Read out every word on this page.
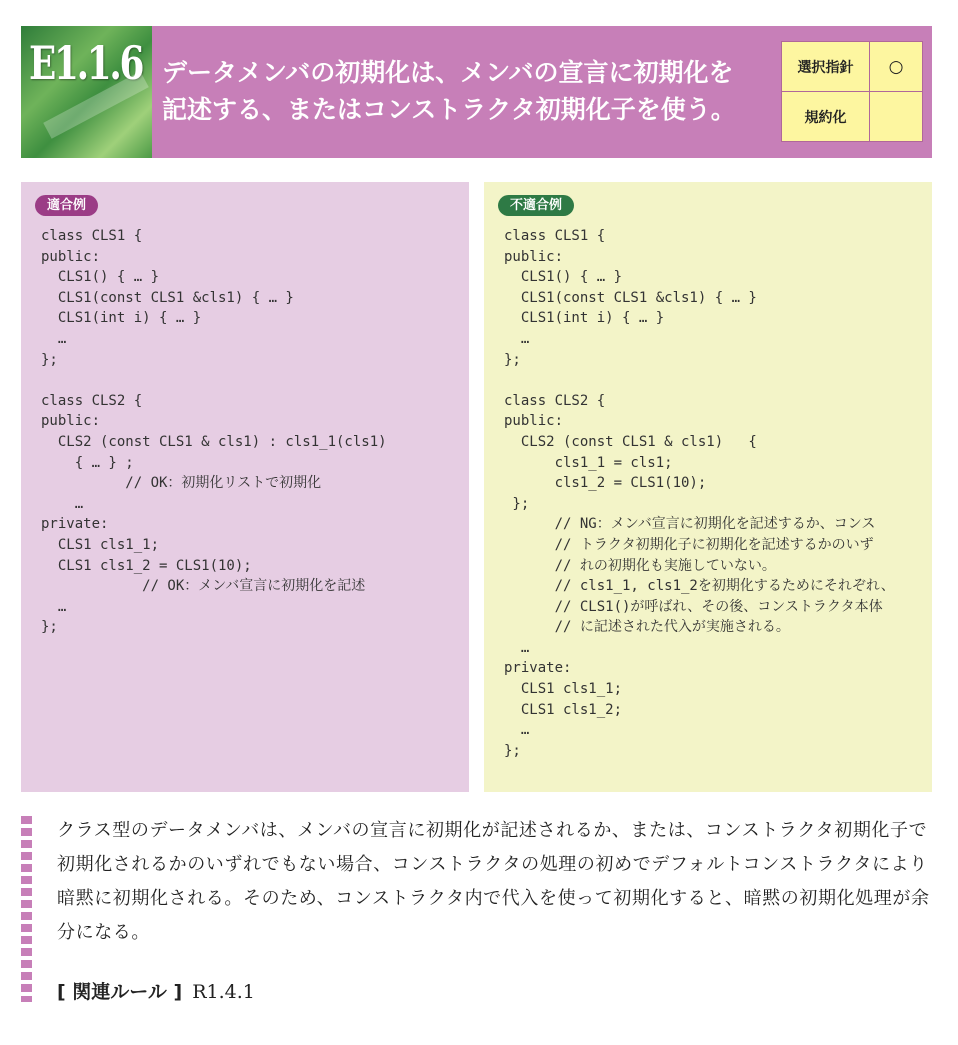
E1.1.6 データメンバの初期化は、メンバの宣言に初期化を
記述する、またはコンストラクタ初期化子を使う。
選択指針	○
規約化	
適合例
class CLS1 {
public:
CLS1() { … }
CLS1(const CLS1 &cls1) { … }
CLS1(int i) { … }
…
};

class CLS2 {
public:
CLS2 (const CLS1 & cls1) : cls1_1(cls1)
{ … } ;
// OK：初期化リストで初期化
…
private:
CLS1 cls1_1;
CLS1 cls1_2 = CLS1(10);
// OK：メンバ宣言に初期化を記述
…
};
不適合例
class CLS1 {
public:
CLS1() { … }
CLS1(const CLS1 &cls1) { … }
CLS1(int i) { … }
…
};

class CLS2 {
public:
CLS2 (const CLS1 & cls1)   {
cls1_1 = cls1;
cls1_2 = CLS1(10);
};
// NG：メンバ宣言に初期化を記述するか、コンス
// トラクタ初期化子に初期化を記述するかのいず
// れの初期化も実施していない。
// cls1_1, cls1_2を初期化するためにそれぞれ、
// CLS1()が呼ばれ、その後、コンストラクタ本体
// に記述された代入が実施される。
…
private:
CLS1 cls1_1;
CLS1 cls1_2;
…
};
クラス型のデータメンバは、メンバの宣言に初期化が記述されるか、または、コンストラクタ初期化子で初期化されるかのいずれでもない場合、コンストラクタの処理の初めでデフォルトコンストラクタにより暗黙に初期化される。そのため、コンストラクタ内で代入を使って初期化すると、暗黙の初期化処理が余分になる。
[ 関連ルール ] R1.4.1
